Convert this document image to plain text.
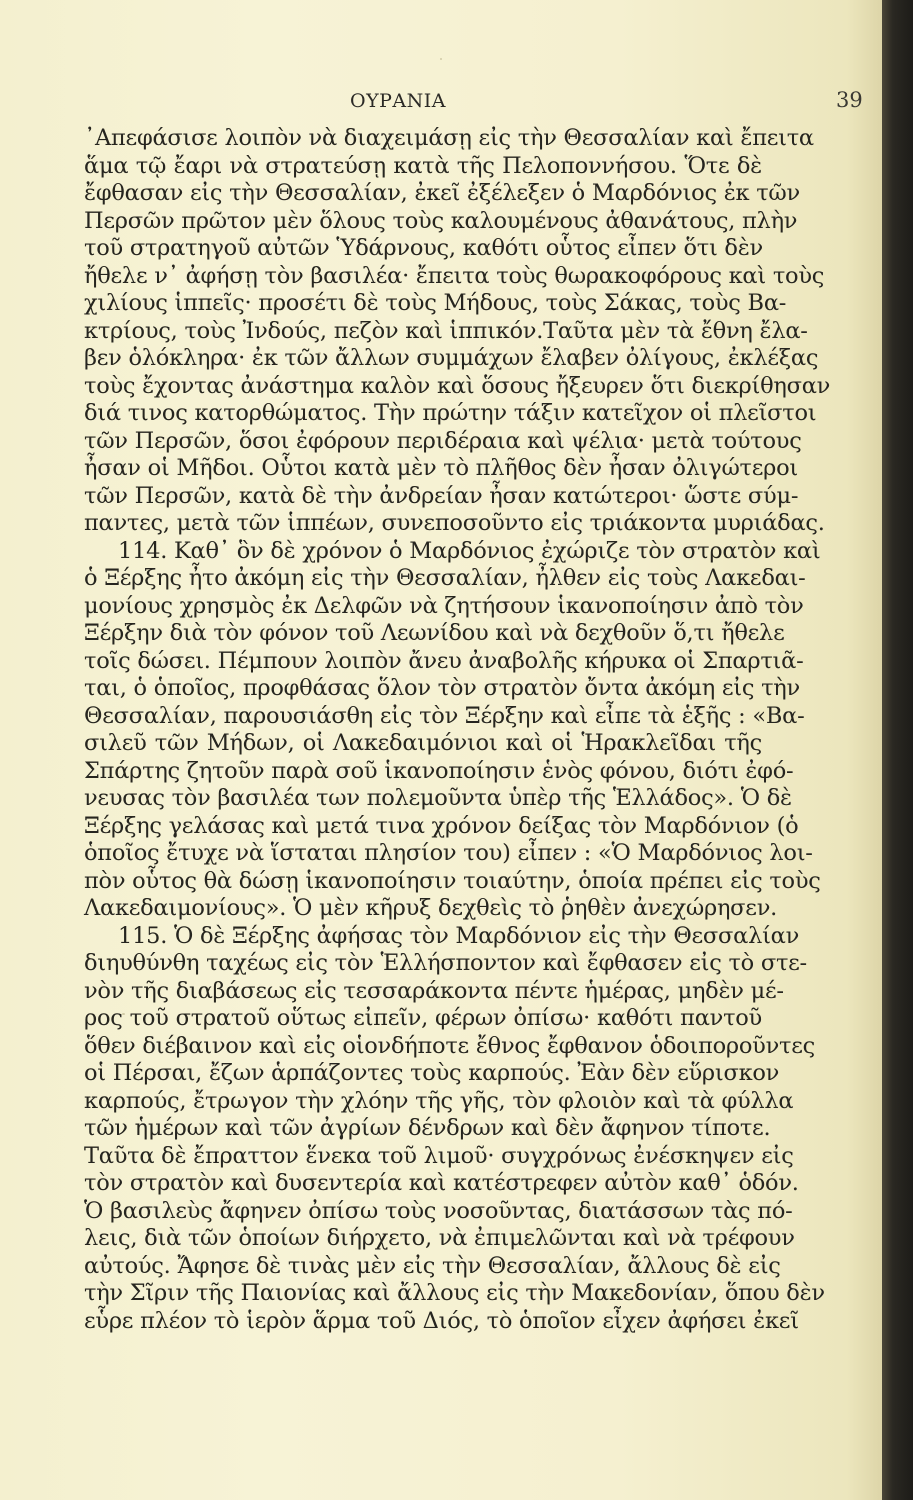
ΟΥΡΑΝΙΑ	39
᾿Απεφάσισε λοιπὸν νὰ διαχειμάσῃ εἰς τὴν Θεσσαλίαν καὶ ἔπειτα
ἅμα τῷ ἔαρι νὰ στρατεύσῃ κατὰ τῆς Πελοποννήσου. Ὅτε δὲ
ἔφθασαν εἰς τὴν Θεσσαλίαν, ἐκεῖ ἐξέλεξεν ὁ Μαρδόνιος ἐκ τῶν
Περσῶν πρῶτον μὲν ὅλους τοὺς καλουμένους ἀθανάτους, πλὴν
τοῦ στρατηγοῦ αὐτῶν Ὑδάρνους, καθότι οὗτος εἶπεν ὅτι δὲν
ἤθελε ν᾿ ἀφήσῃ τὸν βασιλέα· ἔπειτα τοὺς θωρακοφόρους καὶ τοὺς
χιλίους ἱππεῖς· προσέτι δὲ τοὺς Μήδους, τοὺς Σάκας, τοὺς Βα-
κτρίους, τοὺς Ἰνδούς, πεζὸν καὶ ἱππικόν.Ταῦτα μὲν τὰ ἔθνη ἔλα-
βεν ὁλόκληρα· ἐκ τῶν ἄλλων συμμάχων ἔλαβεν ὀλίγους, ἐκλέξας
τοὺς ἔχοντας ἀνάστημα καλὸν καὶ ὅσους ἤξευρεν ὅτι διεκρίθησαν
διά τινος κατορθώματος. Τὴν πρώτην τάξιν κατεῖχον οἱ πλεῖστοι
τῶν Περσῶν, ὅσοι ἐφόρουν περιδέραια καὶ ψέλια· μετὰ τούτους
ἦσαν οἱ Μῆδοι. Οὗτοι κατὰ μὲν τὸ πλῆθος δὲν ἦσαν ὀλιγώτεροι
τῶν Περσῶν, κατὰ δὲ τὴν ἀνδρείαν ἦσαν κατώτεροι· ὥστε σύμ-
παντες, μετὰ τῶν ἱππέων, συνεποσοῦντο εἰς τριάκοντα μυριάδας.
114. Καθ᾿ ὃν δὲ χρόνον ὁ Μαρδόνιος ἐχώριζε τὸν στρατὸν καὶ
ὁ Ξέρξης ἦτο ἀκόμη εἰς τὴν Θεσσαλίαν, ἦλθεν εἰς τοὺς Λακεδαι-
μονίους χρησμὸς ἐκ Δελφῶν νὰ ζητήσουν ἱκανοποίησιν ἀπὸ τὸν
Ξέρξην διὰ τὸν φόνον τοῦ Λεωνίδου καὶ νὰ δεχθοῦν ὅ,τι ἤθελε
τοῖς δώσει. Πέμπουν λοιπὸν ἄνευ ἀναβολῆς κήρυκα οἱ Σπαρτιᾶ-
ται, ὁ ὁποῖος, προφθάσας ὅλον τὸν στρατὸν ὄντα ἀκόμη εἰς τὴν
Θεσσαλίαν, παρουσιάσθη εἰς τὸν Ξέρξην καὶ εἶπε τὰ ἑξῆς : «Βα-
σιλεῦ τῶν Μήδων, οἱ Λακεδαιμόνιοι καὶ οἱ Ἡρακλεῖδαι τῆς
Σπάρτης ζητοῦν παρὰ σοῦ ἱκανοποίησιν ἑνὸς φόνου, διότι ἐφό-
νευσας τὸν βασιλέα των πολεμοῦντα ὑπὲρ τῆς Ἑλλάδος». Ὁ δὲ
Ξέρξης γελάσας καὶ μετά τινα χρόνον δείξας τὸν Μαρδόνιον (ὁ
ὁποῖος ἔτυχε νὰ ἵσταται πλησίον του) εἶπεν : «Ὁ Μαρδόνιος λοι-
πὸν οὗτος θὰ δώσῃ ἱκανοποίησιν τοιαύτην, ὁποία πρέπει εἰς τοὺς
Λακεδαιμονίους». Ὁ μὲν κῆρυξ δεχθεὶς τὸ ῥηθὲν ἀνεχώρησεν.
115. Ὁ δὲ Ξέρξης ἀφήσας τὸν Μαρδόνιον εἰς τὴν Θεσσαλίαν
διηυθύνθη ταχέως εἰς τὸν Ἑλλήσποντον καὶ ἔφθασεν εἰς τὸ στε-
νὸν τῆς διαβάσεως εἰς τεσσαράκοντα πέντε ἡμέρας, μηδὲν μέ-
ρος τοῦ στρατοῦ οὕτως εἰπεῖν, φέρων ὀπίσω· καθότι παντοῦ
ὅθεν διέβαινον καὶ εἰς οἱονδήποτε ἔθνος ἔφθανον ὁδοιποροῦντες
οἱ Πέρσαι, ἔζων ἁρπάζοντες τοὺς καρπούς. Ἐὰν δὲν εὕρισκον
καρπούς, ἔτρωγον τὴν χλόην τῆς γῆς, τὸν φλοιὸν καὶ τὰ φύλλα
τῶν ἡμέρων καὶ τῶν ἀγρίων δένδρων καὶ δὲν ἄφηνον τίποτε.
Ταῦτα δὲ ἔπραττον ἕνεκα τοῦ λιμοῦ· συγχρόνως ἐνέσκηψεν εἰς
τὸν στρατὸν καὶ δυσεντερία καὶ κατέστρεφεν αὐτὸν καθ᾿ ὁδόν.
Ὁ βασιλεὺς ἄφηνεν ὀπίσω τοὺς νοσοῦντας, διατάσσων τὰς πό-
λεις, διὰ τῶν ὁποίων διήρχετο, νὰ ἐπιμελῶνται καὶ νὰ τρέφουν
αὐτούς. Ἄφησε δὲ τινὰς μὲν εἰς τὴν Θεσσαλίαν, ἄλλους δὲ εἰς
τὴν Σῖριν τῆς Παιονίας καὶ ἄλλους εἰς τὴν Μακεδονίαν, ὅπου δὲν
εὗρε πλέον τὸ ἱερὸν ἅρμα τοῦ Διός, τὸ ὁποῖον εἶχεν ἀφήσει ἐκεῖ
